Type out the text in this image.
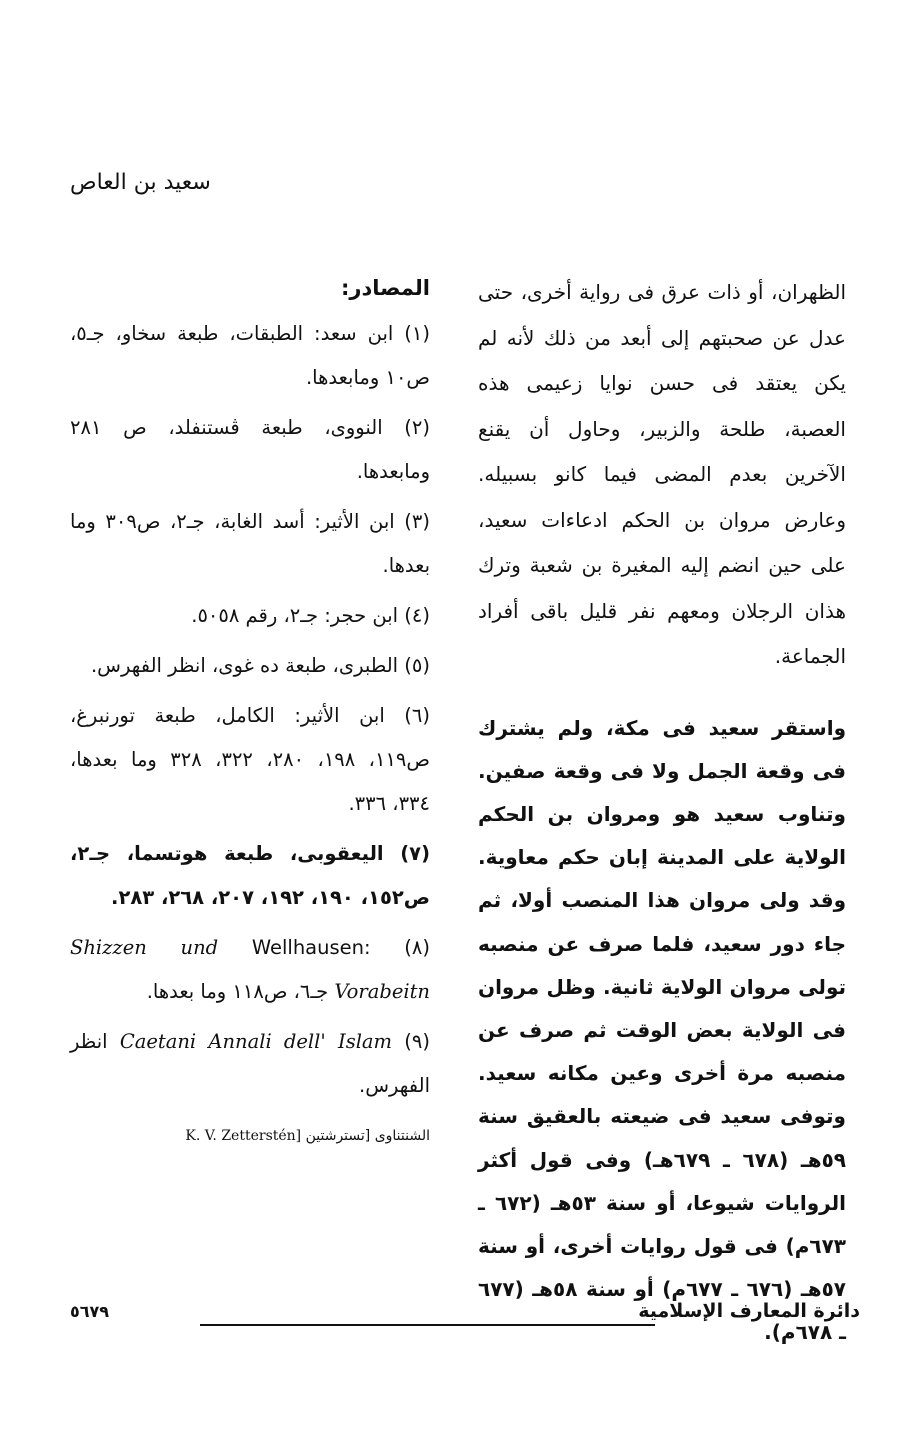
سعيد بن العاص

الظهران، أو ذات عرق فى رواية أخرى، حتى عدل عن صحبتهم إلى أبعد من ذلك لأنه لم يكن يعتقد فى حسن نوايا زعيمى هذه العصبة، طلحة والزبير، وحاول أن يقنع الآخرين بعدم المضى فيما كانو بسبيله. وعارض مروان بن الحكم ادعاءات سعيد، على حين انضم إليه المغيرة بن شعبة وترك هذان الرجلان ومعهم نفر قليل باقى أفراد الجماعة.

واستقر سعيد فى مكة، ولم يشترك فى وقعة الجمل ولا فى وقعة صفين. وتناوب سعيد هو ومروان بن الحكم الولاية على المدينة إبان حكم معاوية. وقد ولى مروان هذا المنصب أولا، ثم جاء دور سعيد، فلما صرف عن منصبه تولى مروان الولاية ثانية. وظل مروان فى الولاية بعض الوقت ثم صرف عن منصبه مرة أخرى وعين مكانه سعيد. وتوفى سعيد فى ضيعته بالعقيق سنة ٥٩هـ (٦٧٨ ـ ٦٧٩هـ) وفى قول أكثر الروايات شيوعا، أو سنة ٥٣هـ (٦٧٢ ـ ٦٧٣م) فى قول روايات أخرى، أو سنة ٥٧هـ (٦٧٦ ـ ٦٧٧م) أو سنة ٥٨هـ (٦٧٧ ـ ٦٧٨م).

المصادر:

(١) ابن سعد: الطبقات، طبعة سخاو، جـ٥، ص١٠ ومابعدها.

(٢) النووى، طبعة ڤستنفلد، ص ٢٨١ ومابعدها.

(٣) ابن الأثير: أسد الغابة، جـ٢، ص٣٠٩ وما بعدها.

(٤) ابن حجر: جـ٢، رقم ٥٠٥٨.

(٥) الطبرى، طبعة ده غوى، انظر الفهرس.

(٦) ابن الأثير: الكامل، طبعة تورنبرغ، ص١١٩، ١٩٨، ٢٨٠، ٣٢٢، ٣٢٨ وما بعدها، ٣٣٤، ٣٣٦.

(٧) اليعقوبى، طبعة هوتسما، جـ٢، ص١٥٢، ١٩٠، ١٩٢، ٢٠٧، ٢٦٨، ٢٨٣.

(٨) Wellhausen: Shizzen und Vorabeitn جـ٦، ص١١٨ وما بعدها.

(٩) Caetani Annali dell' Islam انظر الفهرس.

الشنتناوى [تسترشتين K. V. Zetterstén]
دائرة المعارف الإسلامية
٥٦٧٩
